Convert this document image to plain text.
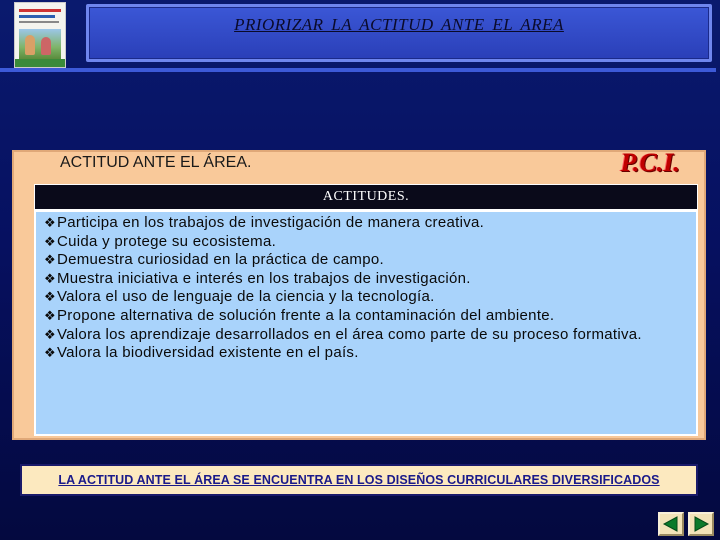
PRIORIZAR LA ACTITUD ANTE EL AREA
ACTITUD ANTE EL ÁREA.	P.C.I.
ACTITUDES.
❖Participa en los trabajos de investigación de manera creativa.
❖Cuida y protege su ecosistema.
❖Demuestra curiosidad en la práctica de campo.
❖Muestra iniciativa e interés en los trabajos de investigación.
❖Valora el uso de lenguaje de la ciencia y la tecnología.
❖Propone alternativa de solución frente a la contaminación del ambiente.
❖Valora los aprendizaje desarrollados en el área como parte de su proceso formativa.
❖Valora la biodiversidad existente en el país.
LA ACTITUD ANTE EL ÁREA SE ENCUENTRA EN LOS DISEÑOS CURRICULARES DIVERSIFICADOS
